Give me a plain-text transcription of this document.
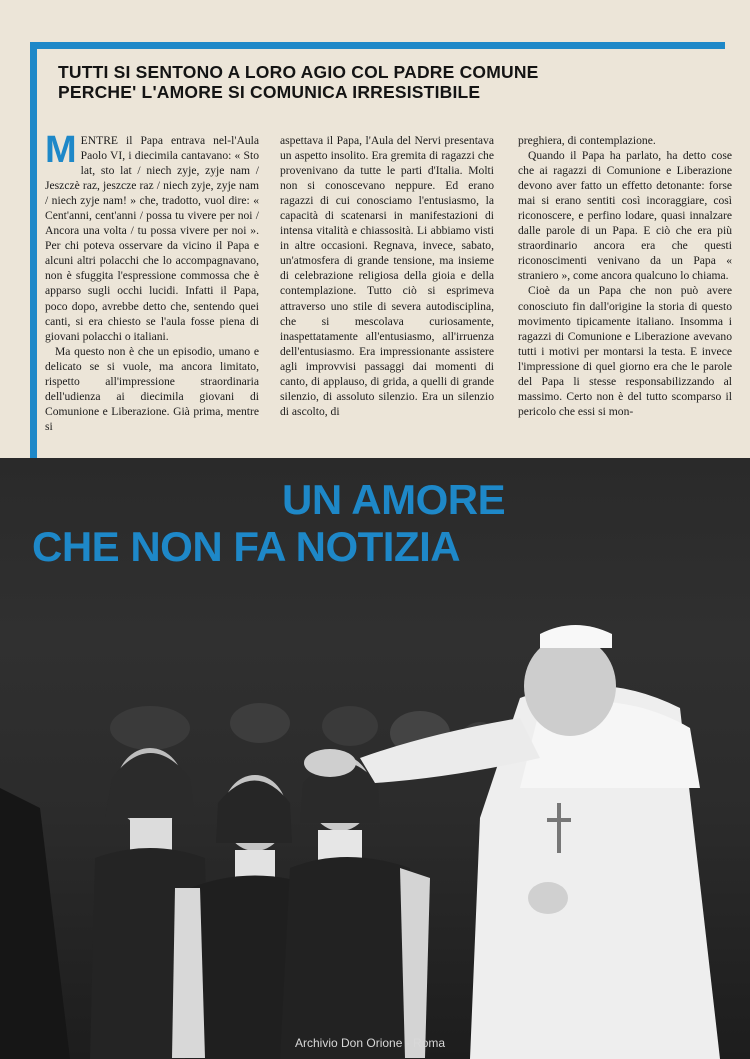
TUTTI SI SENTONO A LORO AGIO COL PADRE COMUNE
PERCHE' L'AMORE SI COMUNICA IRRESISTIBILE

MENTRE il Papa entrava nel-l'Aula Paolo VI, i diecimila cantavano: « Sto lat, sto lat / niech zyje, zyje nam / Jeszczè raz, jeszcze raz / niech zyje, zyje nam / niech zyje nam! » che, tradotto, vuol dire: « Cent'anni, cent'anni / possa tu vivere per noi / Ancora una volta / tu possa vivere per noi ». Per chi poteva osservare da vicino il Papa e alcuni altri polacchi che lo accompagnavano, non è sfuggita l'espressione commossa che è apparso sugli occhi lucidi. Infatti il Papa, poco dopo, avrebbe detto che, sentendo quei canti, si era chiesto se l'aula fosse piena di giovani polacchi o italiani.

Ma questo non è che un episodio, umano e delicato se si vuole, ma ancora limitato, rispetto all'impressione straordinaria dell'udienza ai diecimila giovani di Comunione e Liberazione. Già prima, mentre si

aspettava il Papa, l'Aula del Nervi presentava un aspetto insolito. Era gremita di ragazzi che provenivano da tutte le parti d'Italia. Molti non si conoscevano neppure. Ed erano ragazzi di cui conosciamo l'entusiasmo, la capacità di scatenarsi in manifestazioni di intensa vitalità e chiassosità. Li abbiamo visti in altre occasioni. Regnava, invece, sabato, un'atmosfera di grande tensione, ma insieme di celebrazione religiosa della gioia e della contemplazione. Tutto ciò si esprimeva attraverso uno stile di severa autodisciplina, che si mescolava curiosamente, inaspettatamente all'entusiasmo, all'irruenza dell'entusiasmo. Era impressionante assistere agli improvvisi passaggi dai momenti di canto, di applauso, di grida, a quelli di grande silenzio, di assoluto silenzio. Era un silenzio di ascolto, di

preghiera, di contemplazione.

Quando il Papa ha parlato, ha detto cose che ai ragazzi di Comunione e Liberazione devono aver fatto un effetto detonante: forse mai si erano sentiti così incoraggiare, così riconoscere, e perfino lodare, quasi innalzare dalle parole di un Papa. E ciò che era più straordinario ancora era che questi riconoscimenti venivano da un Papa « straniero », come ancora qualcuno lo chiama.

Cioè da un Papa che non può avere conosciuto fin dall'origine la storia di questo movimento tipicamente italiano. Insomma i ragazzi di Comunione e Liberazione avevano tutti i motivi per montarsi la testa. E invece l'impressione di quel giorno era che le parole del Papa li stesse responsabilizzando al massimo. Certo non è del tutto scomparso il pericolo che essi si mon-

UN AMORE
CHE NON FA NOTIZIA
Archivio Don Orione - Roma
